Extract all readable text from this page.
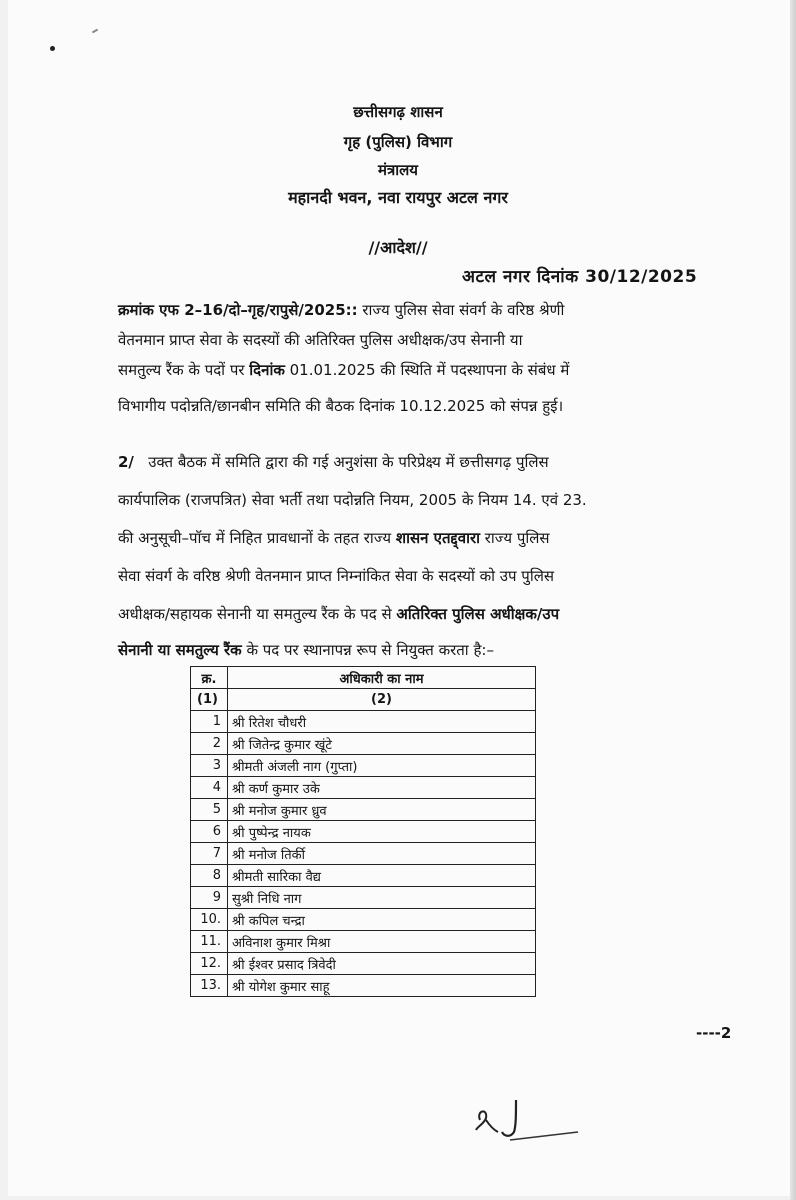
छत्तीसगढ़ शासन
गृह (पुलिस) विभाग
मंत्रालय
महानदी भवन, नवा रायपुर अटल नगर
//आदेश//
अटल नगर दिनांक 30/12/2025
क्रमांक एफ 2–16/दो–गृह/रापुसे/2025:: राज्य पुलिस सेवा संवर्ग के वरिष्ठ श्रेणी
वेतनमान प्राप्त सेवा के सदस्यों की अतिरिक्त पुलिस अधीक्षक/उप सेनानी या
समतुल्य रैंक के पदों पर दिनांक 01.01.2025 की स्थिति में पदस्थापना के संबंध में
विभागीय पदोन्नति/छानबीन समिति की बैठक दिनांक 10.12.2025 को संपन्न हुई।
2/ उक्त बैठक में समिति द्वारा की गई अनुशंसा के परिप्रेक्ष्य में छत्तीसगढ़ पुलिस
कार्यपालिक (राजपत्रित) सेवा भर्ती तथा पदोन्नति नियम, 2005 के नियम 14. एवं 23.
की अनुसूची–पॉच में निहित प्रावधानों के तहत राज्य शासन एतद्द्वारा राज्य पुलिस
सेवा संवर्ग के वरिष्ठ श्रेणी वेतनमान प्राप्त निम्नांकित सेवा के सदस्यों को उप पुलिस
अधीक्षक/सहायक सेनानी या समतुल्य रैंक के पद से अतिरिक्त पुलिस अधीक्षक/उप
सेनानी या समतुल्य रैंक के पद पर स्थानापन्न रूप से नियुक्त करता है:–
क्र.	अधिकारी का नाम
(1)	(2)
1	श्री रितेश चौधरी
2	श्री जितेन्द्र कुमार खूंटे
3	श्रीमती अंजली नाग (गुप्ता)
4	श्री कर्ण कुमार उके
5	श्री मनोज कुमार ध्रुव
6	श्री पुष्पेन्द्र नायक
7	श्री मनोज तिर्की
8	श्रीमती सारिका वैद्य
9	सुश्री निधि नाग
10.	श्री कपिल चन्द्रा
11.	अविनाश कुमार मिश्रा
12.	श्री ईश्वर प्रसाद त्रिवेदी
13.	श्री योगेश कुमार साहू
----2
